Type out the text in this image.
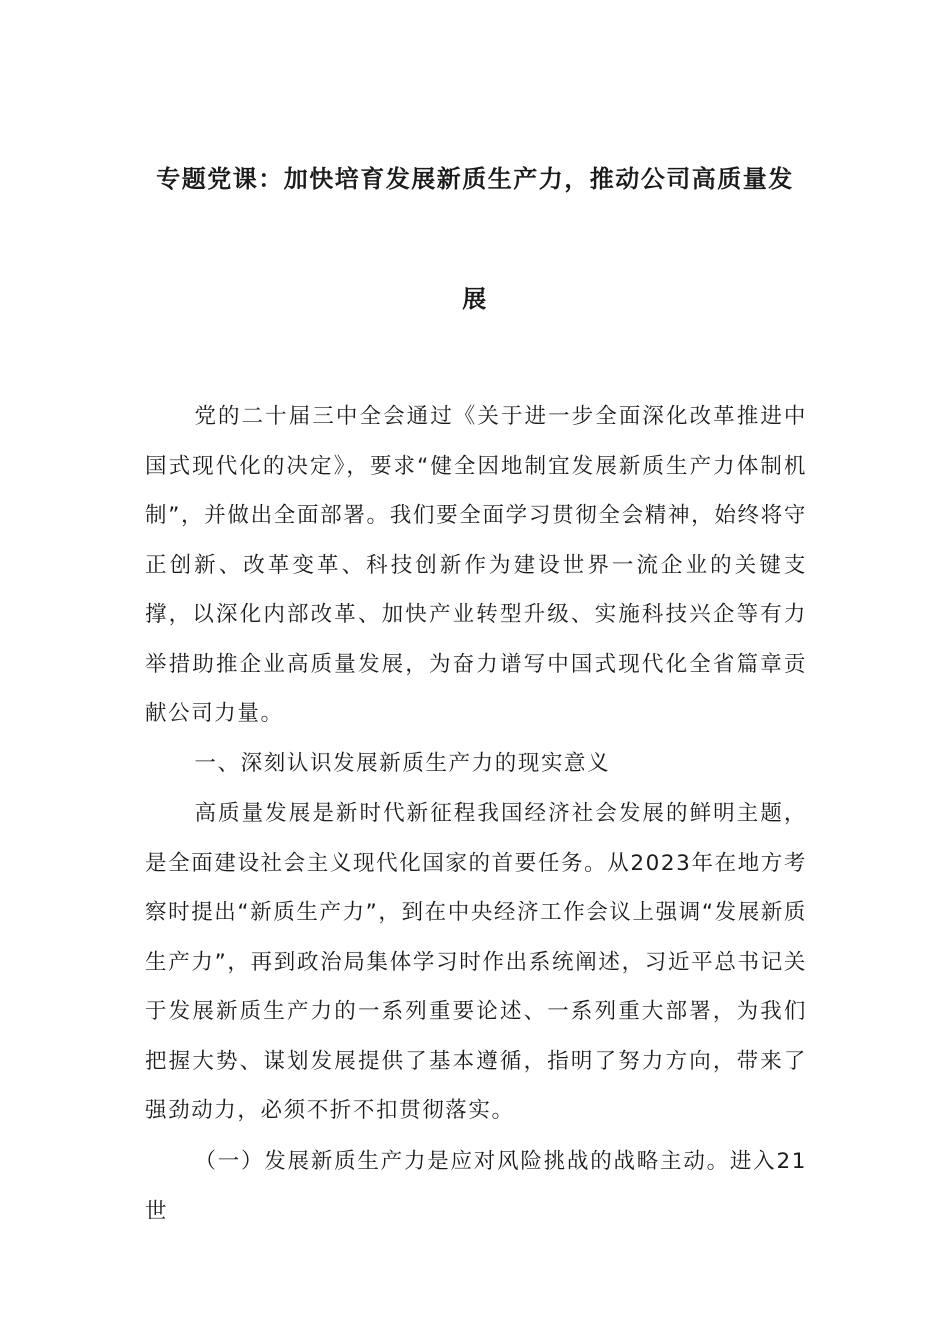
专题党课：加快培育发展新质生产力，推动公司高质量发
展

党的二十届三中全会通过《关于进一步全面深化改革推进中国式现代化的决定》，要求“健全因地制宜发展新质生产力体制机制”，并做出全面部署。我们要全面学习贯彻全会精神，始终将守正创新、改革变革、科技创新作为建设世界一流企业的关键支撑，以深化内部改革、加快产业转型升级、实施科技兴企等有力举措助推企业高质量发展，为奋力谱写中国式现代化全省篇章贡献公司力量。

一、深刻认识发展新质生产力的现实意义

高质量发展是新时代新征程我国经济社会发展的鲜明主题，是全面建设社会主义现代化国家的首要任务。从2023年在地方考察时提出“新质生产力”，到在中央经济工作会议上强调“发展新质生产力”，再到政治局集体学习时作出系统阐述，习近平总书记关于发展新质生产力的一系列重要论述、一系列重大部署，为我们把握大势、谋划发展提供了基本遵循，指明了努力方向，带来了强劲动力，必须不折不扣贯彻落实。

（一）发展新质生产力是应对风险挑战的战略主动。进入21世
